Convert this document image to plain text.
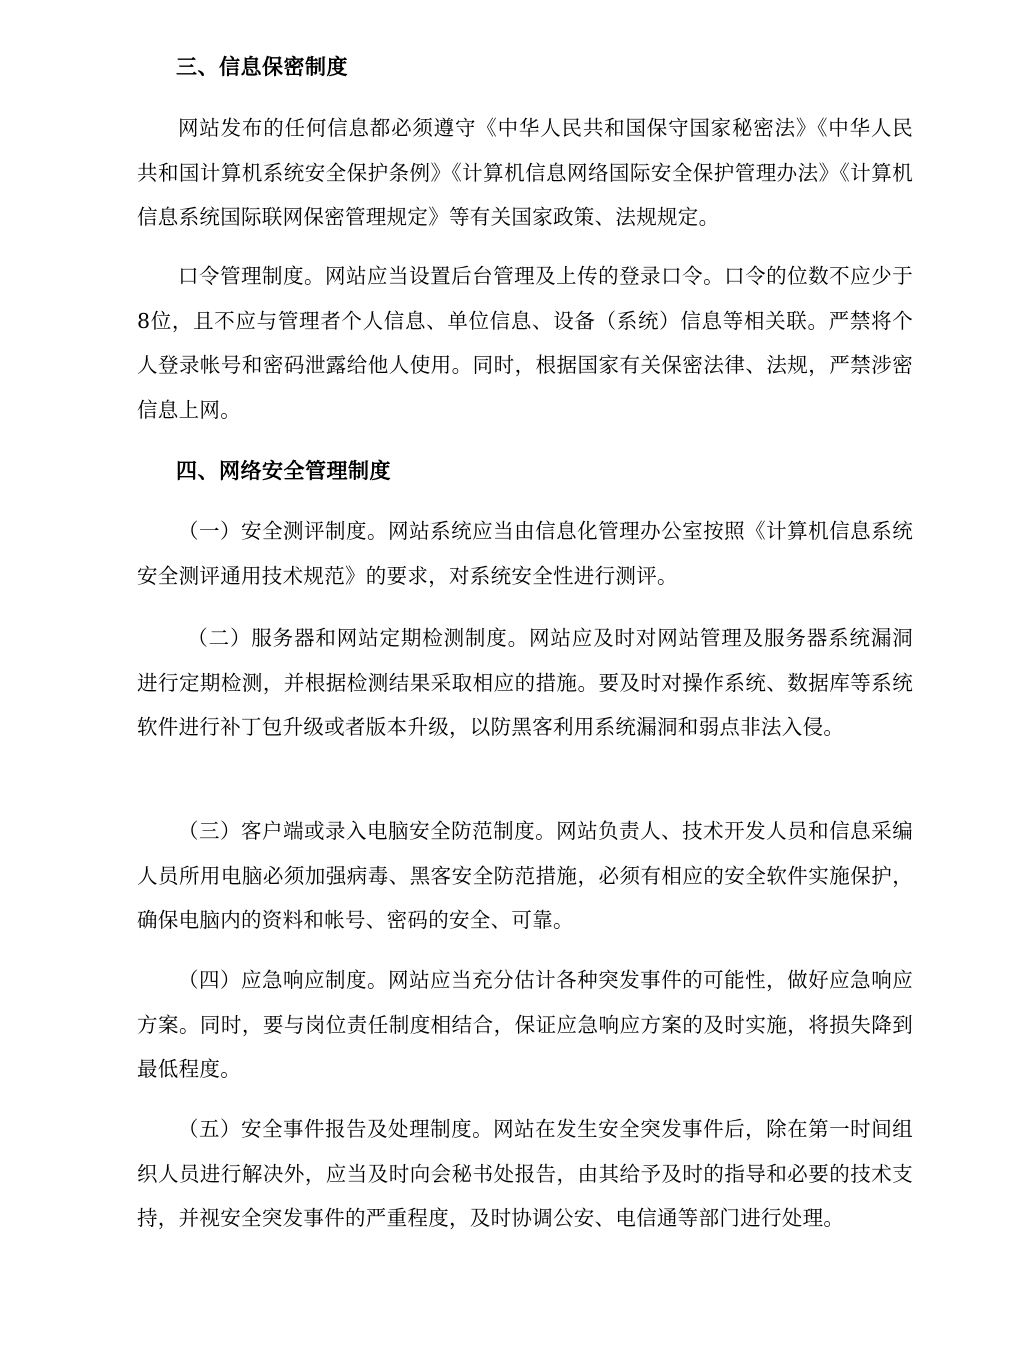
三、信息保密制度
网站发布的任何信息都必须遵守《中华人民共和国保守国家秘密法》《中华人民共和国计算机系统安全保护条例》《计算机信息网络国际安全保护管理办法》《计算机信息系统国际联网保密管理规定》等有关国家政策、法规规定。
口令管理制度。网站应当设置后台管理及上传的登录口令。口令的位数不应少于8位，且不应与管理者个人信息、单位信息、设备（系统）信息等相关联。严禁将个人登录帐号和密码泄露给他人使用。同时，根据国家有关保密法律、法规，严禁涉密信息上网。
四、网络安全管理制度
（一）安全测评制度。网站系统应当由信息化管理办公室按照《计算机信息系统安全测评通用技术规范》的要求，对系统安全性进行测评。
（二）服务器和网站定期检测制度。网站应及时对网站管理及服务器系统漏洞进行定期检测，并根据检测结果采取相应的措施。要及时对操作系统、数据库等系统软件进行补丁包升级或者版本升级，以防黑客利用系统漏洞和弱点非法入侵。
（三）客户端或录入电脑安全防范制度。网站负责人、技术开发人员和信息采编人员所用电脑必须加强病毒、黑客安全防范措施，必须有相应的安全软件实施保护，确保电脑内的资料和帐号、密码的安全、可靠。
（四）应急响应制度。网站应当充分估计各种突发事件的可能性，做好应急响应方案。同时，要与岗位责任制度相结合，保证应急响应方案的及时实施，将损失降到最低程度。
（五）安全事件报告及处理制度。网站在发生安全突发事件后，除在第一时间组织人员进行解决外，应当及时向会秘书处报告，由其给予及时的指导和必要的技术支持，并视安全突发事件的严重程度，及时协调公安、电信通等部门进行处理。
